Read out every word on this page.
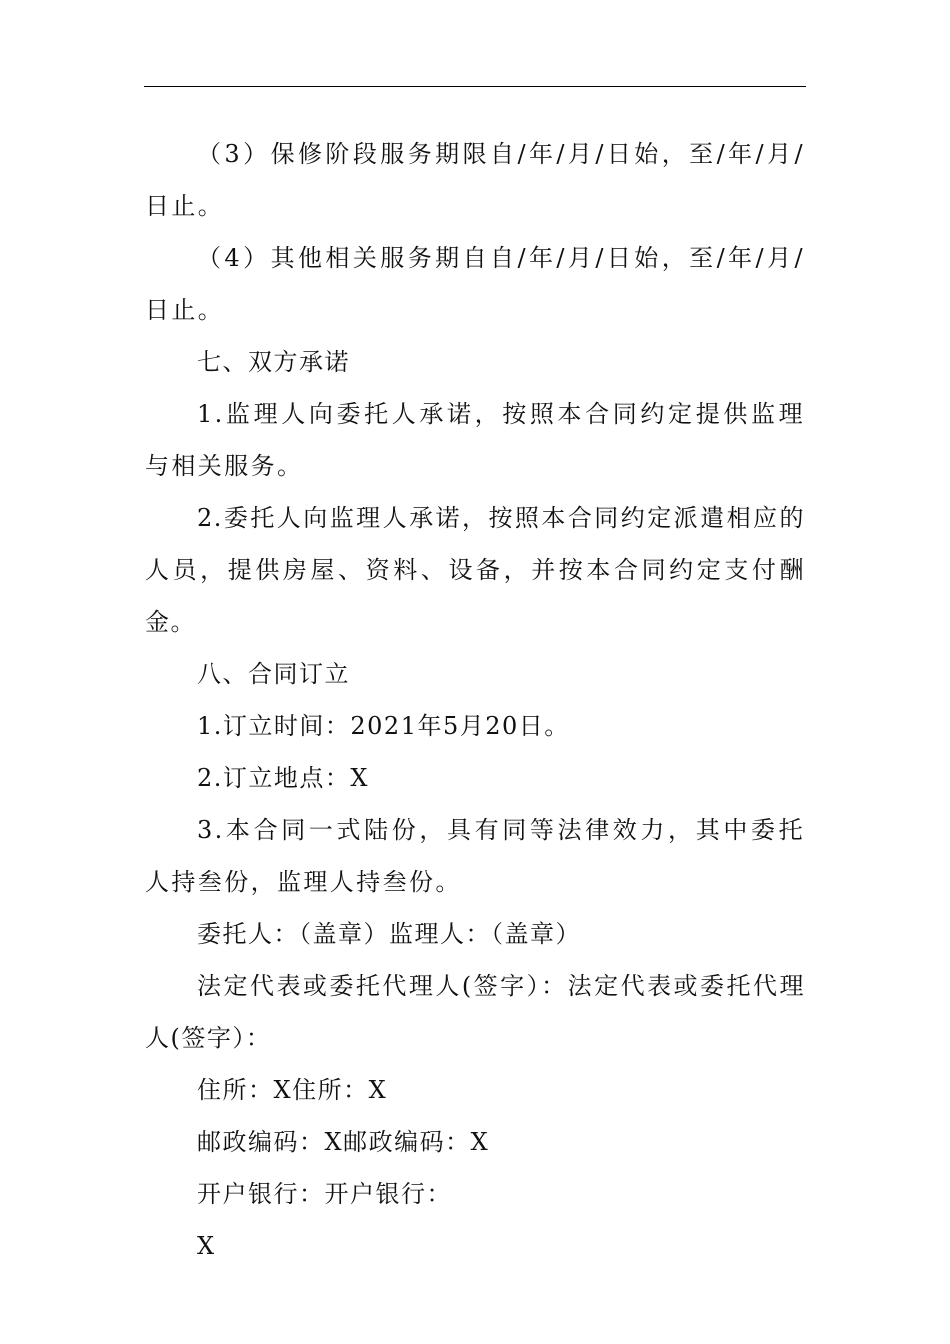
（3）保修阶段服务期限自/年/月/日始，至/年/月/日止。

（4）其他相关服务期自自/年/月/日始，至/年/月/日止。

七、双方承诺

1.监理人向委托人承诺，按照本合同约定提供监理与相关服务。

2.委托人向监理人承诺，按照本合同约定派遣相应的人员，提供房屋、资料、设备，并按本合同约定支付酬金。

八、合同订立

1.订立时间：2021年5月20日。

2.订立地点：X

3.本合同一式陆份，具有同等法律效力，其中委托人持叁份，监理人持叁份。

委托人：（盖章）监理人：（盖章）

法定代表或委托代理人(签字）：法定代表或委托代理人(签字）：

住所：X住所：X

邮政编码：X邮政编码：X

开户银行：开户银行：

X
